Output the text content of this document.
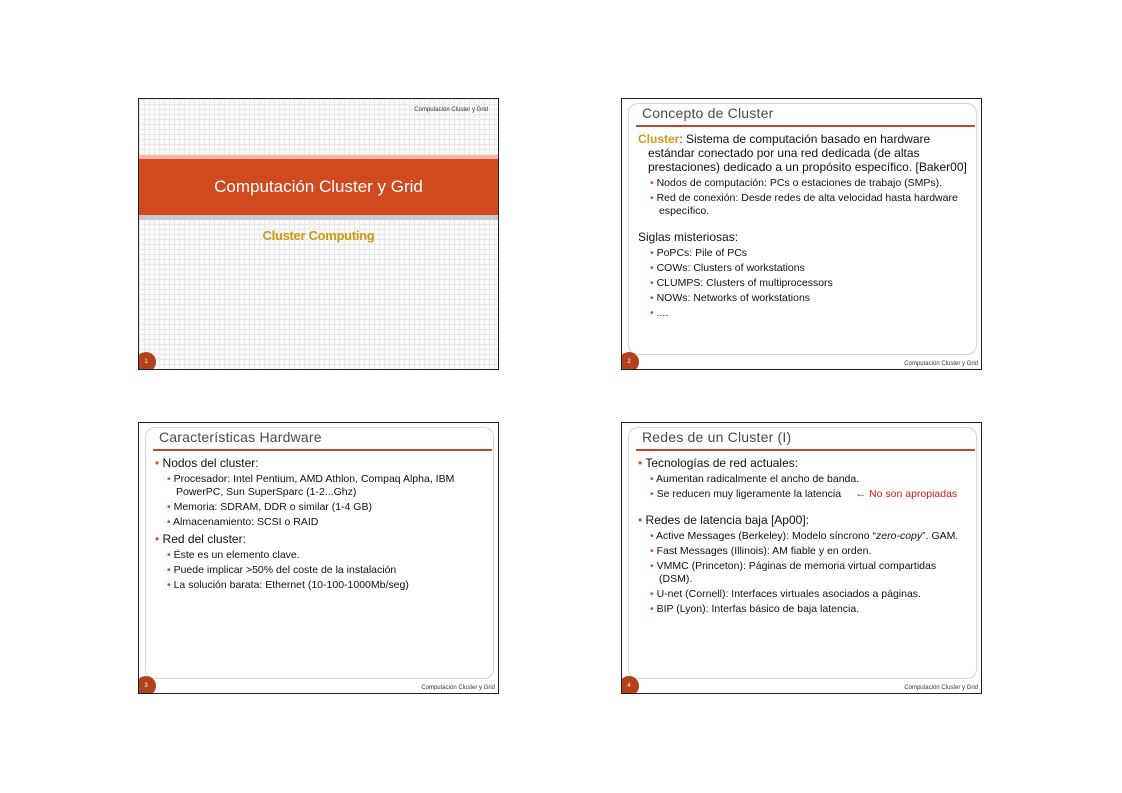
Computación Cluster y Grid
Computación Cluster y Grid
Cluster Computing
1
Concepto de Cluster
Cluster: Sistema de computación basado en hardware estándar conectado por una red dedicada (de altas prestaciones) dedicado a un propósito específico. [Baker00]
• Nodos de computación: PCs o estaciones de trabajo (SMPs).
• Red de conexión: Desde redes de alta velocidad hasta hardware específico.
Siglas misteriosas:
• PoPCs: Pile of PCs
• COWs: Clusters of workstations
• CLUMPS: Clusters of multiprocessors
• NOWs: Networks of workstations
• ....
2	Computación Cluster y Grid
Características Hardware
• Nodos del cluster:
• Procesador: Intel Pentium, AMD Athlon, Compaq Alpha, IBM PowerPC, Sun SuperSparc (1-2...Ghz)
• Memoria: SDRAM, DDR o similar (1-4 GB)
• Almacenamiento: SCSI o RAID
• Red del cluster:
• Éste es un elemento clave.
• Puede implicar >50% del coste de la instalación
• La solución barata: Ethernet (10-100-1000Mb/seg)
3	Computación Cluster y Grid
Redes de un Cluster (I)
• Tecnologías de red actuales:
• Aumentan radicalmente el ancho de banda.
• Se reducen muy ligeramente la latencia ← No son apropiadas
• Redes de latencia baja [Ap00]:
• Active Messages (Berkeley): Modelo síncrono “zero-copy”. GAM.
• Fast Messages (Illinois): AM fiable y en orden.
• VMMC (Princeton): Páginas de memoria virtual compartidas (DSM).
• U-net (Cornell): Interfaces virtuales asociados a páginas.
• BIP (Lyon): Interfas básico de baja latencia.
4	Computación Cluster y Grid
